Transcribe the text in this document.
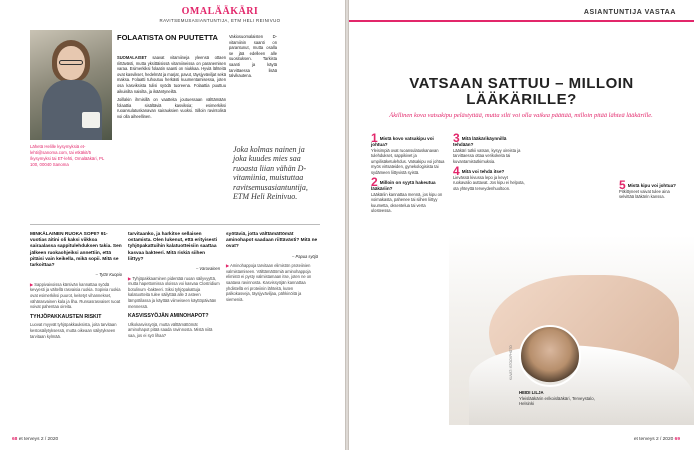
OMALÄÄKÄRI
RAVITSEMUSASIANTUNTIJA, ETM HELI REINIVUO
Lähetä Helille kysymyksiä et-lehti@sanoma.com, tai etkäkit/5 /kysymyksi tai ET-lehti, Omalääkäri, PL 100, 00040 Sanoma
FOLAATISTA ON PUUTETTA
SUOMALAISET saavat vitamiineja yleensä ottaen riittävästi, mutta yksittäisissä vitamiineissa on paranemisen varaa. Esimerkiksi folaatin saanti on niukkaa. Hyviä lähteitä ovat kasvikset, hedelmät ja marjat, pavut, täysjyväviljat sekä maksa. Folaatti tuhoutuu herkästi kuumentamisessa, joten osa kasviksista tulisi syödä tuoreena. Folaattia puuttuu aikuisilta naisilta, ja ikääntyneiltä.

Joillakin ihmisillä on vaatteita joutuessaan välttämään folaattia sisältäviä kasviksia; esimerkiksi ruoansulatuskanavan sairauksien vuoksi. Silloin ravintolisä voi olla aiheellinen.

Vakiosuomalaisten D-vitamiinin saanti on parantunut, mutta osalla se jää edelleen alle suosituksen. Tarkista saanti ja käytä tarvittaessa lisää talvikautena.
Joka kolmas nainen ja joka kuudes mies saa ruoasta liian vähän D-vitamiinia, muistuttaa ravitsemusasiantuntija, ETM Heli Reinivuo.
MINKÄLAINEN RUOKA SOPII? 91-vuotias äitini oli kaksi viikkoa sairaalassa sappitulehduksen takia. Sen jälkeen ruokaohjeiksi annettiin, että pitäisi vain keikella, mikä sopii. Mitä se tarkoittaa?
– Tytär Kuopio
▶ Sappivaivoissa kärsivän kannattaa syödä kevyesti ja vältellä rasvaisia ruokia. Sopivia ruokia ovat esimerkiksi puurot, keitetyt vihannekset, vähärasvainen kala ja liha. Runsasrasvaiset ruoat voivat pahentaa oireita.
TYHJÖPAKKAUSTEN RISKIT
Luovat myyvät tyhjöpakkauksista, joita tarvitaan kestosäilytyksessä, mutta oikeaan säilytykseen tarvitaan kylmää.
tarvitaanko, ja harkitse sellaisen ostamista. Olen lukenut, että erityisesti tyhjöpakattuihin kalatuotteisiin saattaa kasvaa bakteeri. Mitä riskiä siihen liittyy?
– Varovainen
▶ Tyhjöpakkaaminen pidentää ruoan säilyvyyttä, mutta hapettomissa oloissa voi kasvaa Clostridium botulinum -bakteeri. Siksi tyhjöpakattuja kalatuotteita tulee säilyttää alle 3 asteen lämpötilassa ja käyttää viimeiseen käyttöpäivään mennessä.
KASVISSYÖJÄN AMINOHAPOT?
Ulkokasvissyöjä, mutta välttämättömät aminohapot pitää saada ravinnosta. Mistä niitä saa, jos ei syö lihaa?
syötäviä, jotta välttämättömät aminohapot saadaan riittävästi? Mitä ne ovat?
– Papua syöjä
▶ Aminohappoja tarvitaan elimistön proteiinien valmistamiseen. Välttämättömiä aminohappoja elimistö ei pysty valmistamaan itse, joten ne on saatava ravinnosta. Kasvissyöjän kannattaa yhdistellä eri proteiinin lähteitä, kuten palkokasveja, täysjyväviljaa, pähkinöitä ja siemeniä.
68 et terveys 2 / 2020
ASIANTUNTIJA VASTAA
VATSAAN SATTUU – MILLOIN LÄÄKÄRILLE?
Äkillinen kova vatsakipu pelästyttää, mutta silti voi olla vaikea päättää, milloin pitää lähteä lääkärille.
1 Mistä kovo vatsakipu voi johtua?
Yleisimpiä ovat ruoansulatuskanavan tulehdukset, sappikivet ja umpilisäketulehdus. Vatsakipu voi johtua myös virtsateiden, gynekologisista tai sydämeen liittyvistä syistä.
2 Milloin on syytä hakeutua lääkäriin?
Lääkäriin kannattaa mennä, jos kipu on voimakasta, pahenee tai siihen liittyy kuumetta, oksentelua tai verta ulosteessa.
3 Mitä lääkärikäynnillä tehdään?
Lääkäri tutkii vatsan, kysyy oireista ja tarvittaessa ottaa verikokeita tai kuvantamistutkimuksia.
4 Mitä voi tehdä itse?
Lievässä kivussa lepo ja kevyt ruokavalio auttavat. Jos kipu ei helpota, ota yhteyttä terveydenhuoltoon.	5 Mistä kipu voi johtua?
Pitkittyneet vaivat tulee aina selvittää lääkärin kanssa.
HEIDI LILJA
Yleislääkärin erikoislääkäri, Terveystalo, Helsinki
KUVAT: ISTOCKPHOTO
et terveys 2 / 2020 69
